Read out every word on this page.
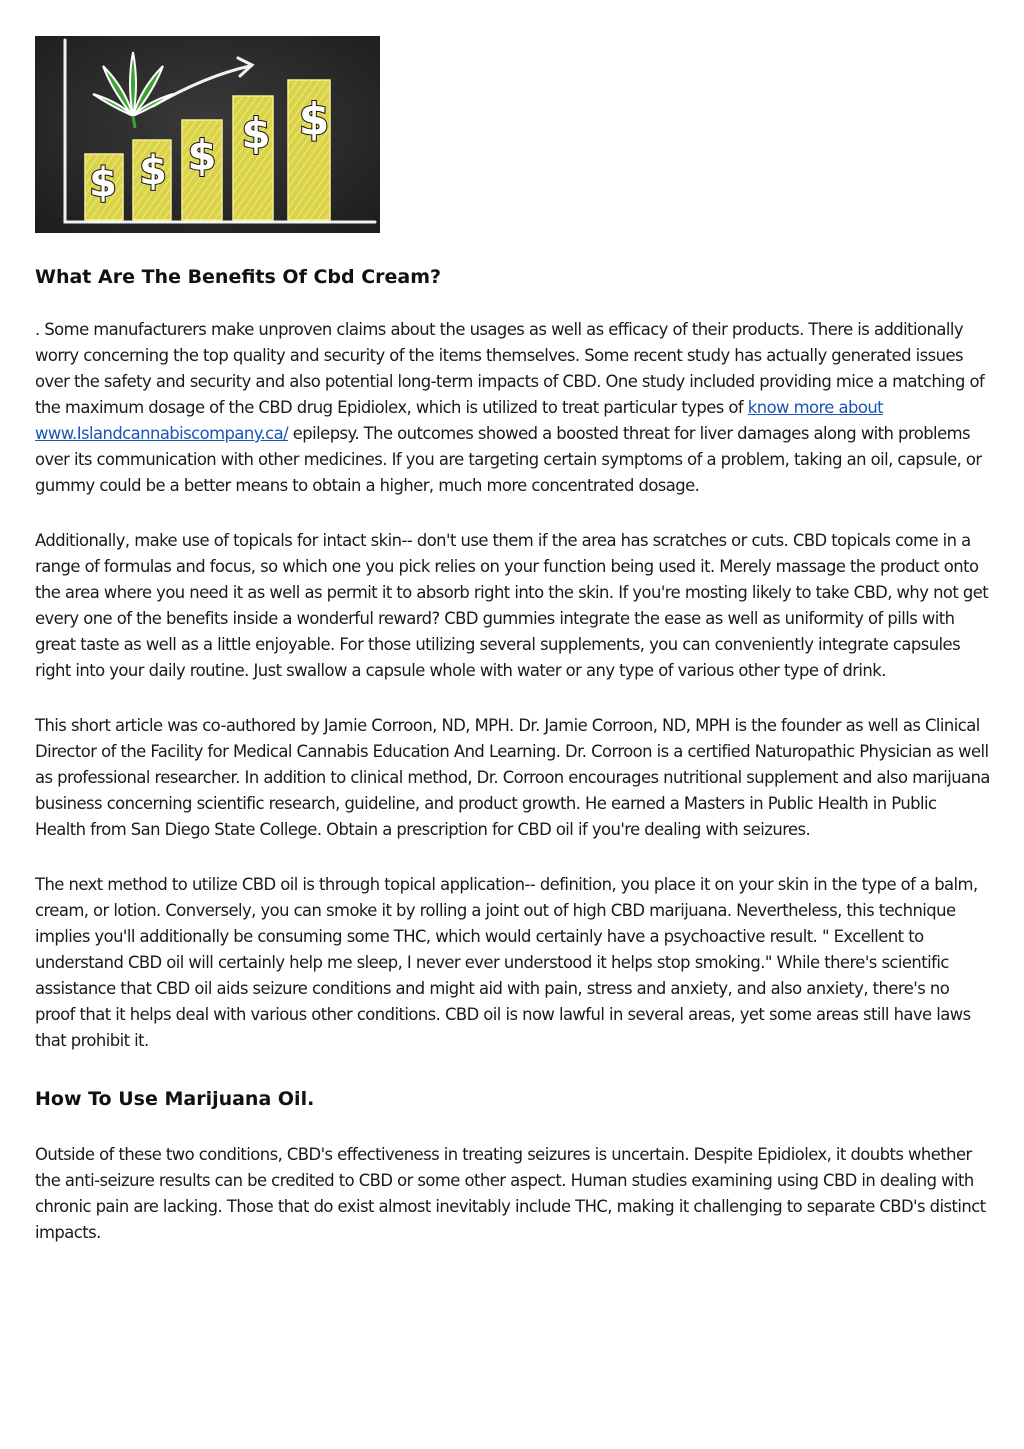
$ $ $ $ $
What Are The Benefits Of Cbd Cream?

. Some manufacturers make unproven claims about the usages as well as efficacy of their products. There is additionally worry concerning the top quality and security of the items themselves. Some recent study has actually generated issues over the safety and security and also potential long-term impacts of CBD. One study included providing mice a matching of the maximum dosage of the CBD drug Epidiolex, which is utilized to treat particular types of know more about www.Islandcannabiscompany.ca/ epilepsy. The outcomes showed a boosted threat for liver damages along with problems over its communication with other medicines. If you are targeting certain symptoms of a problem, taking an oil, capsule, or gummy could be a better means to obtain a higher, much more concentrated dosage.

Additionally, make use of topicals for intact skin-- don't use them if the area has scratches or cuts. CBD topicals come in a range of formulas and focus, so which one you pick relies on your function being used it. Merely massage the product onto the area where you need it as well as permit it to absorb right into the skin. If you're mosting likely to take CBD, why not get every one of the benefits inside a wonderful reward? CBD gummies integrate the ease as well as uniformity of pills with great taste as well as a little enjoyable. For those utilizing several supplements, you can conveniently integrate capsules right into your daily routine. Just swallow a capsule whole with water or any type of various other type of drink.

This short article was co-authored by Jamie Corroon, ND, MPH. Dr. Jamie Corroon, ND, MPH is the founder as well as Clinical Director of the Facility for Medical Cannabis Education And Learning. Dr. Corroon is a certified Naturopathic Physician as well as professional researcher. In addition to clinical method, Dr. Corroon encourages nutritional supplement and also marijuana business concerning scientific research, guideline, and product growth. He earned a Masters in Public Health in Public Health from San Diego State College. Obtain a prescription for CBD oil if you're dealing with seizures.

The next method to utilize CBD oil is through topical application-- definition, you place it on your skin in the type of a balm, cream, or lotion. Conversely, you can smoke it by rolling a joint out of high CBD marijuana. Nevertheless, this technique implies you'll additionally be consuming some THC, which would certainly have a psychoactive result. " Excellent to understand CBD oil will certainly help me sleep, I never ever understood it helps stop smoking." While there's scientific assistance that CBD oil aids seizure conditions and might aid with pain, stress and anxiety, and also anxiety, there's no proof that it helps deal with various other conditions. CBD oil is now lawful in several areas, yet some areas still have laws that prohibit it.

How To Use Marijuana Oil.

Outside of these two conditions, CBD's effectiveness in treating seizures is uncertain. Despite Epidiolex, it doubts whether the anti-seizure results can be credited to CBD or some other aspect. Human studies examining using CBD in dealing with chronic pain are lacking. Those that do exist almost inevitably include THC, making it challenging to separate CBD's distinct impacts.
